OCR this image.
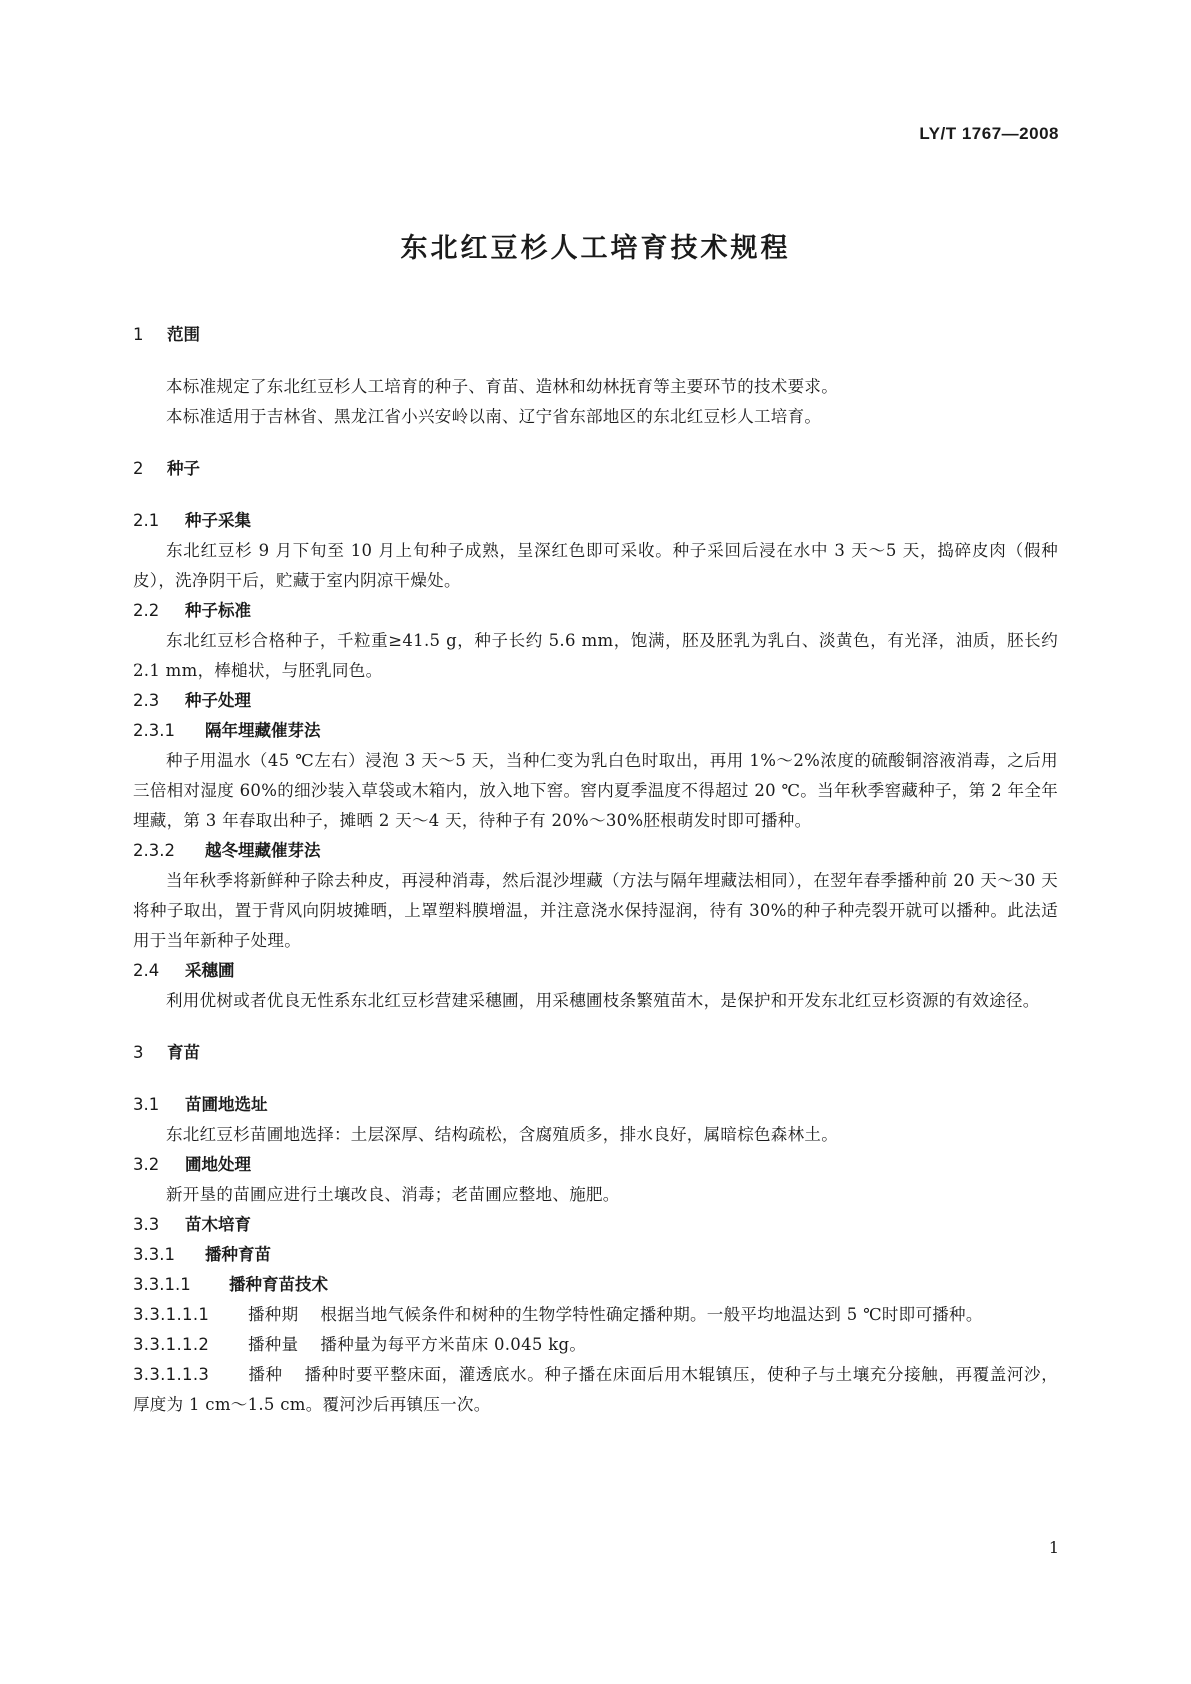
LY/T 1767—2008
东北红豆杉人工培育技术规程
1 范围

本标准规定了东北红豆杉人工培育的种子、育苗、造林和幼林抚育等主要环节的技术要求。

本标准适用于吉林省、黑龙江省小兴安岭以南、辽宁省东部地区的东北红豆杉人工培育。

2 种子
2.1 种子采集

东北红豆杉 9 月下旬至 10 月上旬种子成熟，呈深红色即可采收。种子采回后浸在水中 3 天～5 天，捣碎皮肉（假种皮），洗净阴干后，贮藏于室内阴凉干燥处。

2.2 种子标准

东北红豆杉合格种子，千粒重≥41.5 g，种子长约 5.6 mm，饱满，胚及胚乳为乳白、淡黄色，有光泽，油质，胚长约 2.1 mm，棒槌状，与胚乳同色。

2.3 种子处理
2.3.1 隔年埋藏催芽法

种子用温水（45 ℃左右）浸泡 3 天～5 天，当种仁变为乳白色时取出，再用 1%～2%浓度的硫酸铜溶液消毒，之后用三倍相对湿度 60%的细沙装入草袋或木箱内，放入地下窖。窖内夏季温度不得超过 20 ℃。当年秋季窖藏种子，第 2 年全年埋藏，第 3 年春取出种子，摊晒 2 天～4 天，待种子有 20%～30%胚根萌发时即可播种。

2.3.2 越冬埋藏催芽法

当年秋季将新鲜种子除去种皮，再浸种消毒，然后混沙埋藏（方法与隔年埋藏法相同），在翌年春季播种前 20 天～30 天将种子取出，置于背风向阴坡摊晒，上罩塑料膜增温，并注意浇水保持湿润，待有 30%的种子种壳裂开就可以播种。此法适用于当年新种子处理。

2.4 采穗圃

利用优树或者优良无性系东北红豆杉营建采穗圃，用采穗圃枝条繁殖苗木，是保护和开发东北红豆杉资源的有效途径。

3 育苗
3.1 苗圃地选址

东北红豆杉苗圃地选择：土层深厚、结构疏松，含腐殖质多，排水良好，属暗棕色森林土。

3.2 圃地处理

新开垦的苗圃应进行土壤改良、消毒；老苗圃应整地、施肥。

3.3 苗木培育
3.3.1 播种育苗
3.3.1.1 播种育苗技术

3.3.1.1.1 播种期 根据当地气候条件和树种的生物学特性确定播种期。一般平均地温达到 5 ℃时即可播种。

3.3.1.1.2 播种量 播种量为每平方米苗床 0.045 kg。

3.3.1.1.3 播种 播种时要平整床面，灌透底水。种子播在床面后用木辊镇压，使种子与土壤充分接触，再覆盖河沙，厚度为 1 cm～1.5 cm。覆河沙后再镇压一次。

1
